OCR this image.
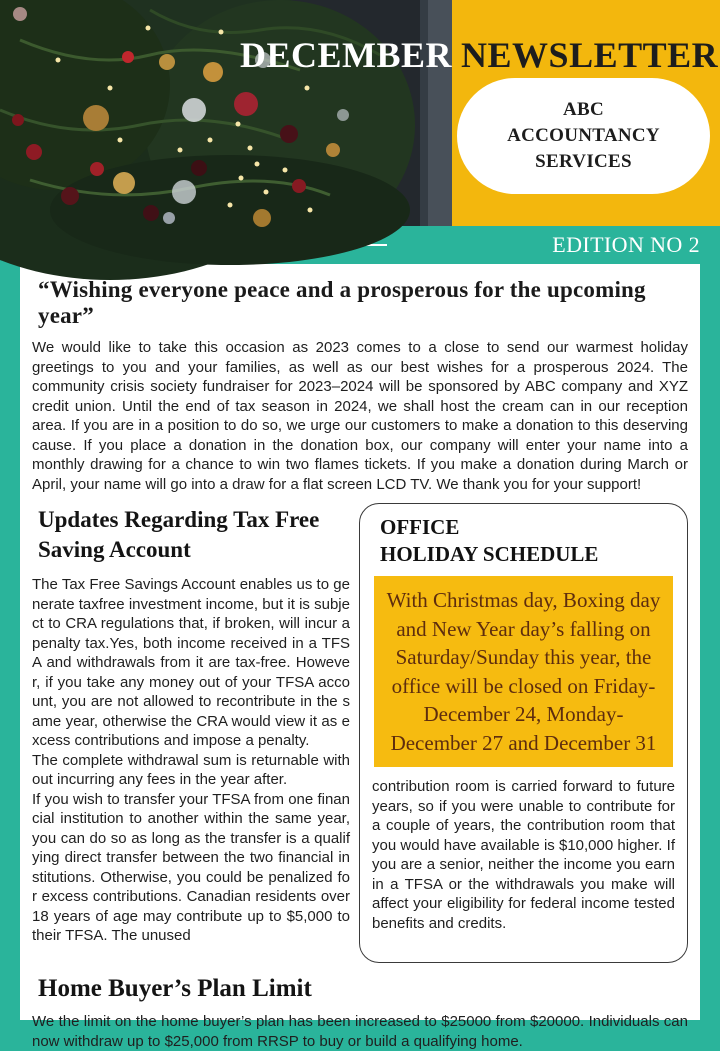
DECEMBER NEWSLETTER
ABC
ACCOUNTANCY
SERVICES
EDITION NO 2
“Wishing everyone peace and a prosperous for the upcoming year”

We would like to take this occasion as 2023 comes to a close to send our warmest holiday greetings to you and your families, as well as our best wishes for a prosperous 2024. The community crisis society fundraiser for 2023–2024 will be sponsored by ABC company and XYZ credit union. Until the end of tax season in 2024, we shall host the cream can in our reception area. If you are in a position to do so, we urge our customers to make a donation to this deserving cause. If you place a donation in the donation box, our company will enter your name into a monthly drawing for a chance to win two flames tickets. If you make a donation during March or April, your name will go into a draw for a flat screen LCD TV. We thank you for your support!

Updates Regarding Tax Free Saving Account

The Tax Free Savings Account enables us to generate taxfree investment income, but it is subject to CRA regulations that, if broken, will incur a penalty tax.Yes, both income received in a TFSA and withdrawals from it are tax-free. However, if you take any money out of your TFSA account, you are not allowed to recontribute in the same year, otherwise the CRA would view it as excess contributions and impose a penalty.

The complete withdrawal sum is returnable without incurring any fees in the year after.

If you wish to transfer your TFSA from one financial institution to another within the same year, you can do so as long as the transfer is a qualifying direct transfer between the two financial institutions. Otherwise, you could be penalized for excess contributions. Canadian residents over 18 years of age may contribute up to $5,000 to their TFSA. The unused

OFFICE
HOLIDAY SCHEDULE
With Christmas day, Boxing day and New Year day’s falling on Saturday/Sunday this year, the office will be closed on Friday- December 24, Monday- December 27 and December 31

contribution room is carried forward to future years, so if you were unable to contribute for a couple of years, the contribution room that you would have available is $10,000 higher. If you are a senior, neither the income you earn in a TFSA or the withdrawals you make will affect your eligibility for federal income tested benefits and credits.

Home Buyer’s Plan Limit

We the limit on the home buyer’s plan has been increased to $25000 from $20000. Individuals can now withdraw up to $25,000 from RRSP to buy or build a qualifying home.
